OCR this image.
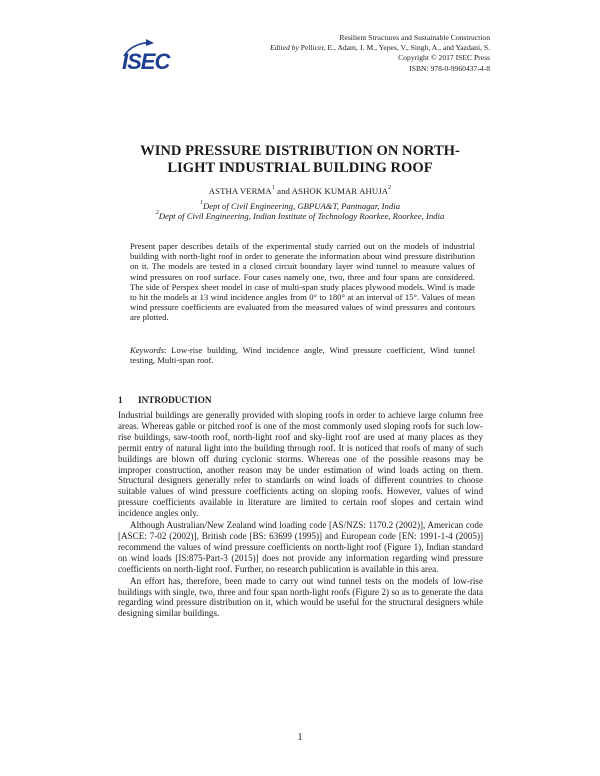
ISEC
Resilient Structures and Sustainable Construction
Edited by Pellicer, E., Adam, J. M., Yepes, V., Singh, A., and Yazdani, S.
Copyright © 2017 ISEC Press
ISBN: 978-0-9960437-4-8
WIND PRESSURE DISTRIBUTION ON NORTH-
LIGHT INDUSTRIAL BUILDING ROOF
ASTHA VERMA$^1$ and ASHOK KUMAR AHUJA$^2$
$^1$Dept of Civil Engineering, GBPUA&T, Pantnagar, India
$^2$Dept of Civil Engineering, Indian Institute of Technology Roorkee, Roorkee, India

Present paper describes details of the experimental study carried out on the models of industrial building with north-light roof in order to generate the information about wind pressure distribution on it. The models are tested in a closed circuit boundary layer wind tunnel to measure values of wind pressures on roof surface. Four cases namely one, two, three and four spans are considered. The side of Perspex sheet model in case of multi-span study places plywood models. Wind is made to hit the models at 13 wind incidence angles from 0° to 180° at an interval of 15°. Values of mean wind pressure coefficients are evaluated from the measured values of wind pressures and contours are plotted.

Keywords: Low-rise building, Wind incidence angle, Wind pressure coefficient, Wind tunnel testing, Multi-span roof.

1 INTRODUCTION

Industrial buildings are generally provided with sloping roofs in order to achieve large column free areas. Whereas gable or pitched roof is one of the most commonly used sloping roofs for such low-rise buildings, saw-tooth roof, north-light roof and sky-light roof are used at many places as they permit entry of natural light into the building through roof. It is noticed that roofs of many of such buildings are blown off during cyclonic storms. Whereas one of the possible reasons may be improper construction, another reason may be under estimation of wind loads acting on them. Structural designers generally refer to standards on wind loads of different countries to choose suitable values of wind pressure coefficients acting on sloping roofs. However, values of wind pressure coefficients available in literature are limited to certain roof slopes and certain wind incidence angles only.

Although Australian/New Zealand wind loading code [AS/NZS: 1170.2 (2002)], American code [ASCE: 7-02 (2002)], British code [BS: 63699 (1995)] and European code [EN: 1991-1-4 (2005)] recommend the values of wind pressure coefficients on north-light roof (Figure 1), Indian standard on wind loads [IS:875-Part-3 (2015)] does not provide any information regarding wind pressure coefficients on north-light roof. Further, no research publication is available in this area.

An effort has, therefore, been made to carry out wind tunnel tests on the models of low-rise buildings with single, two, three and four span north-light roofs (Figure 2) so as to generate the data regarding wind pressure distribution on it, which would be useful for the structural designers while designing similar buildings.

1
